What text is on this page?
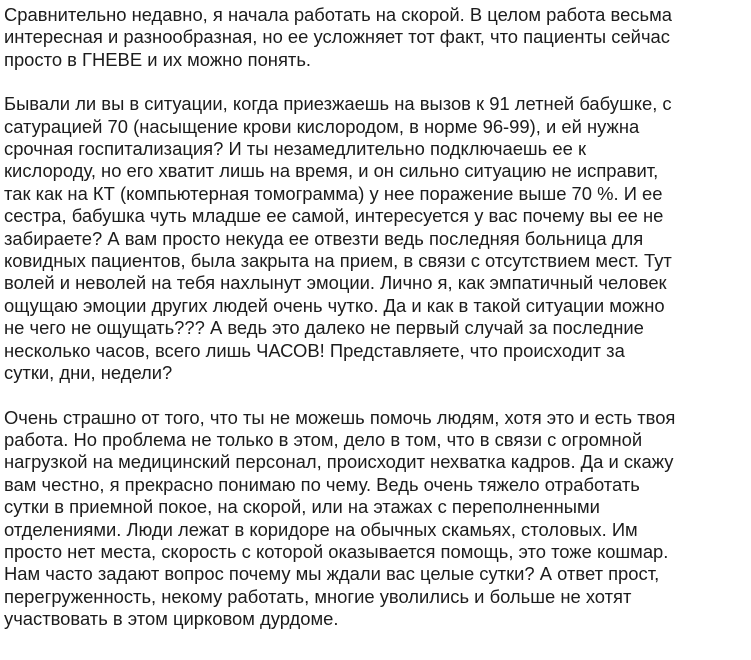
Сравнительно недавно, я начала работать на скорой. В целом работа весьма
интересная и разнообразная, но ее усложняет тот факт, что пациенты сейчас
просто в ГНЕВЕ и их можно понять.

Бывали ли вы в ситуации, когда приезжаешь на вызов к 91 летней бабушке, с
сатурацией 70 (насыщение крови кислородом, в норме 96-99), и ей нужна
срочная госпитализация? И ты незамедлительно подключаешь ее к
кислороду, но его хватит лишь на время, и он сильно ситуацию не исправит,
так как на КТ (компьютерная томограмма) у нее поражение выше 70 %. И ее
сестра, бабушка чуть младше ее самой, интересуется у вас почему вы ее не
забираете? А вам просто некуда ее отвезти ведь последняя больница для
ковидных пациентов, была закрыта на прием, в связи с отсутствием мест. Тут
волей и неволей на тебя нахлынут эмоции. Лично я, как эмпатичный человек
ощущаю эмоции других людей очень чутко. Да и как в такой ситуации можно
не чего не ощущать??? А ведь это далеко не первый случай за последние
несколько часов, всего лишь ЧАСОВ! Представляете, что происходит за
сутки, дни, недели?

Очень страшно от того, что ты не можешь помочь людям, хотя это и есть твоя
работа. Но проблема не только в этом, дело в том, что в связи с огромной
нагрузкой на медицинский персонал, происходит нехватка кадров. Да и скажу
вам честно, я прекрасно понимаю по чему. Ведь очень тяжело отработать
сутки в приемной покое, на скорой, или на этажах с переполненными
отделениями. Люди лежат в коридоре на обычных скамьях, столовых. Им
просто нет места, скорость с которой оказывается помощь, это тоже кошмар.
Нам часто задают вопрос почему мы ждали вас целые сутки? А ответ прост,
перегруженность, некому работать, многие уволились и больше не хотят
участвовать в этом цирковом дурдоме.
